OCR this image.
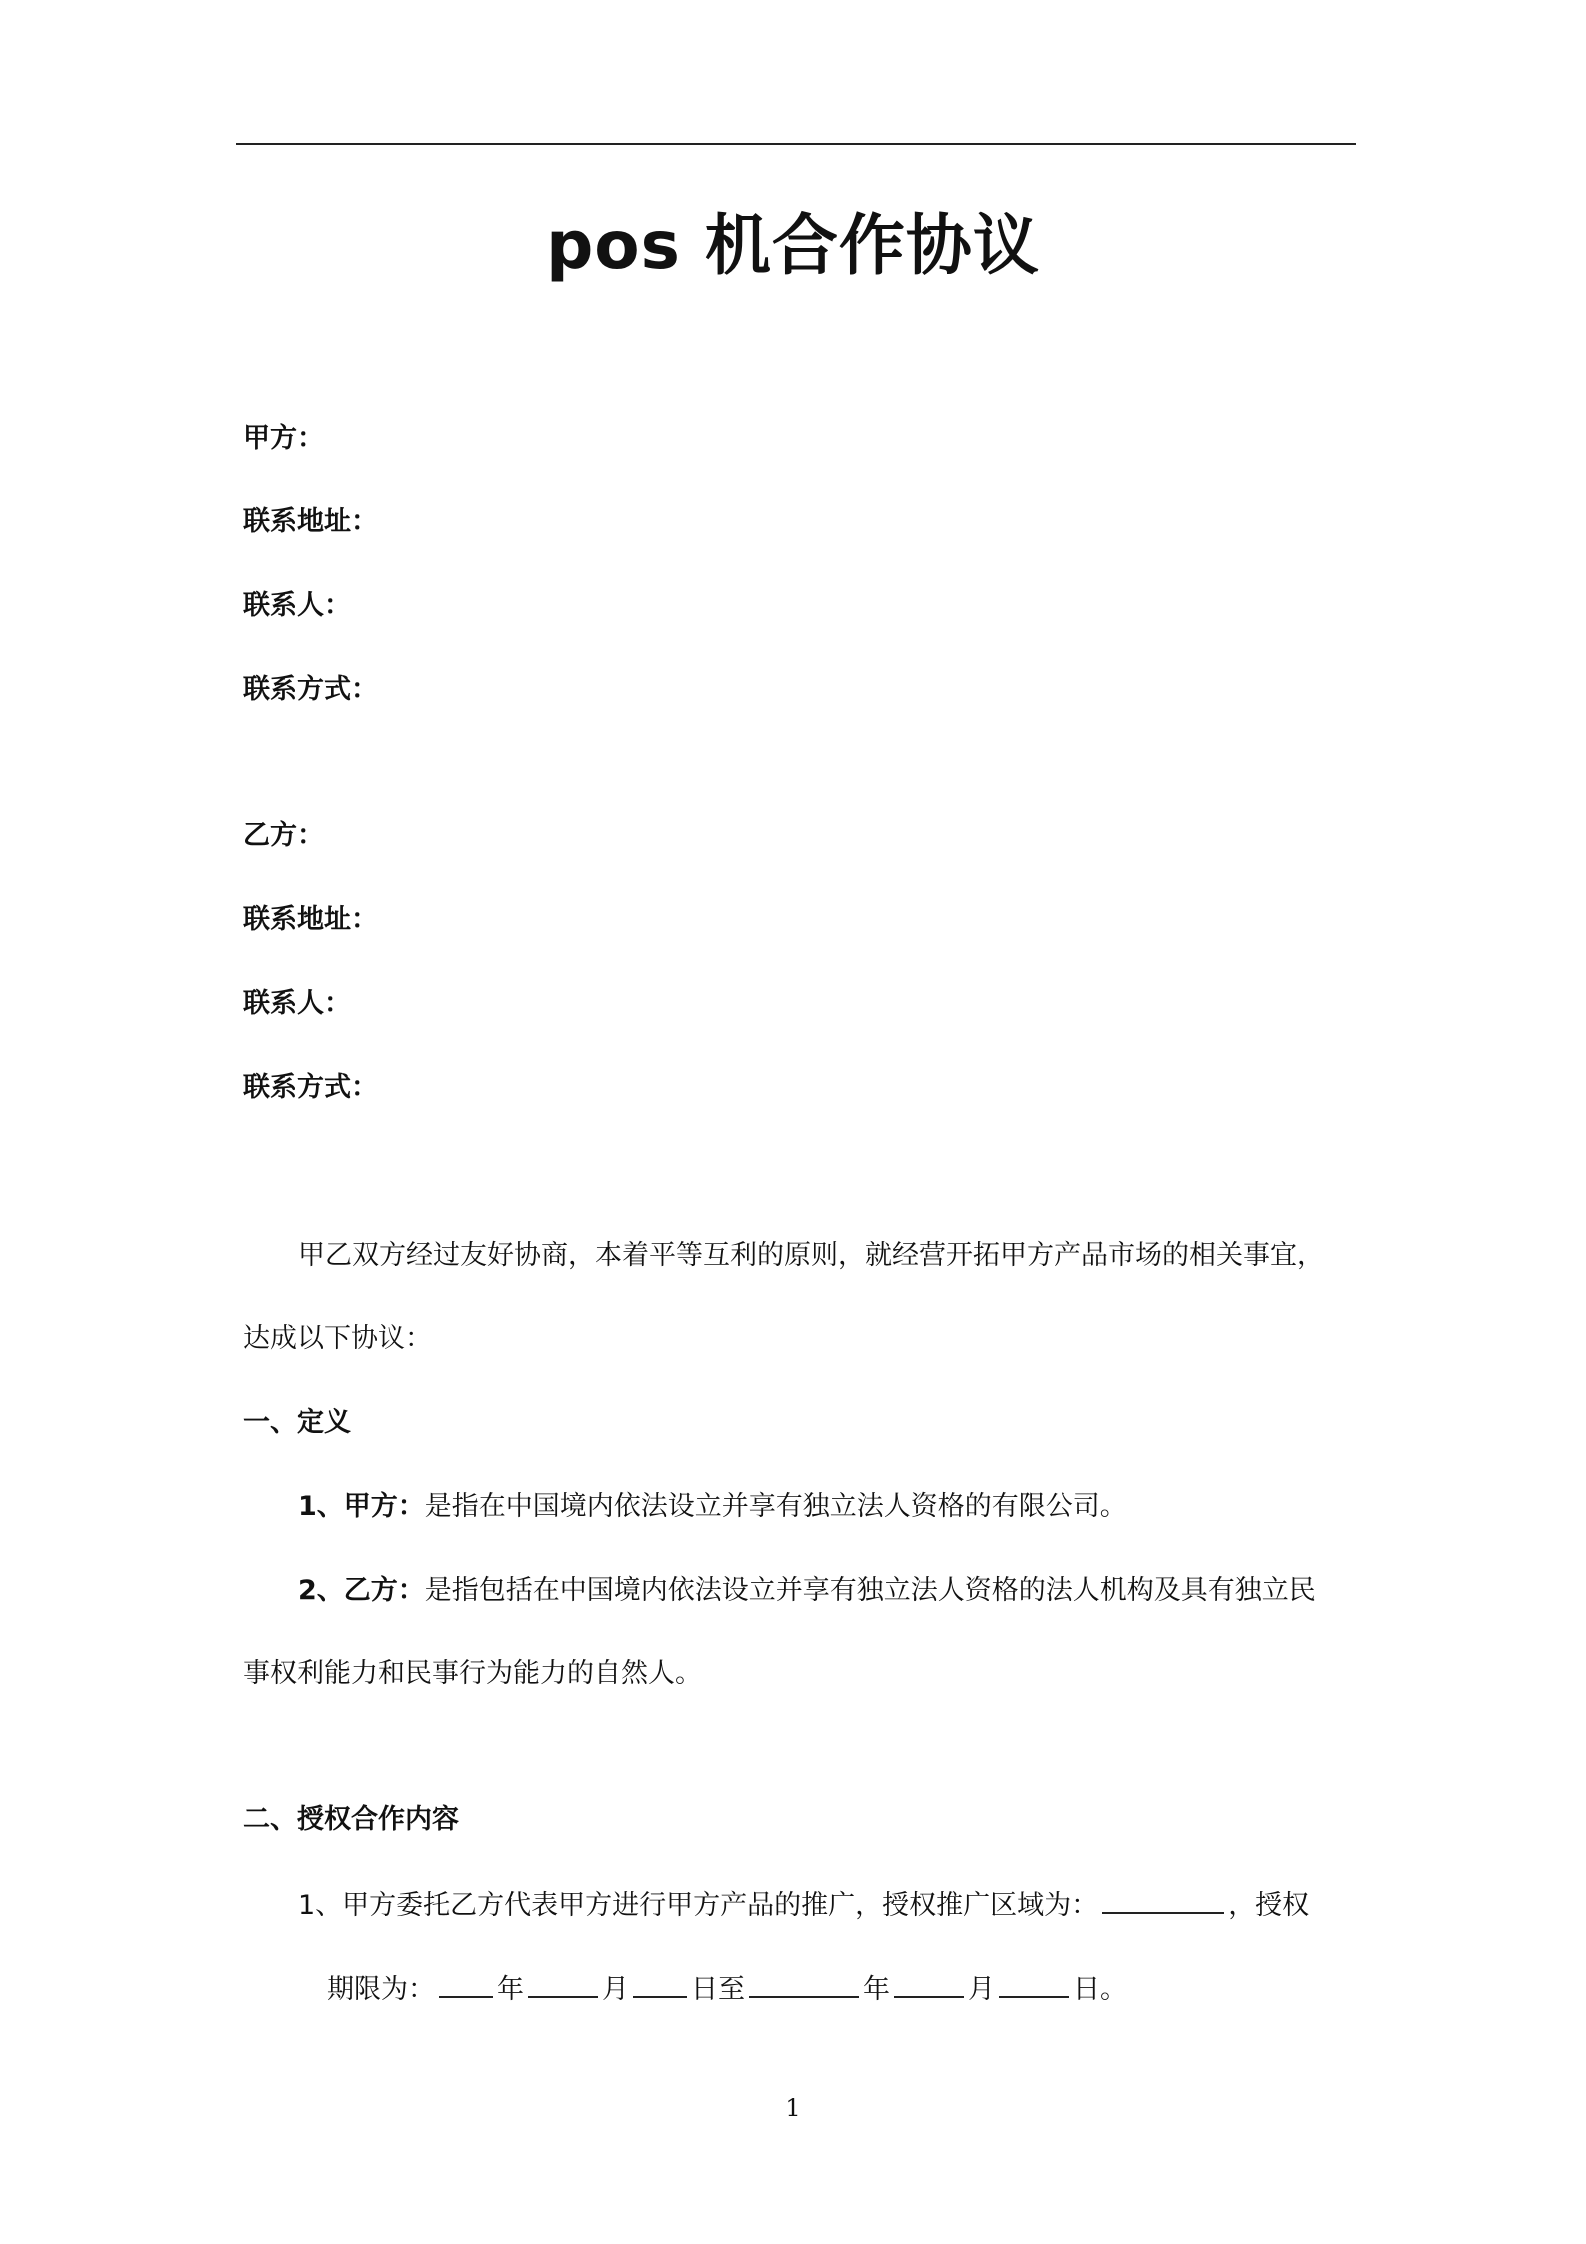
pos 机合作协议
甲方：
联系地址：
联系人：
联系方式：
乙方：
联系地址：
联系人：
联系方式：
甲乙双方经过友好协商，本着平等互利的原则，就经营开拓甲方产品市场的相关事宜，
达成以下协议：
一、定义
1、甲方：是指在中国境内依法设立并享有独立法人资格的有限公司。
2、乙方：是指包括在中国境内依法设立并享有独立法人资格的法人机构及具有独立民
事权利能力和民事行为能力的自然人。
二、授权合作内容
1、甲方委托乙方代表甲方进行甲方产品的推广，授权推广区域为：	，授权
期限为： 年	月 日至	年	月	日。
1
